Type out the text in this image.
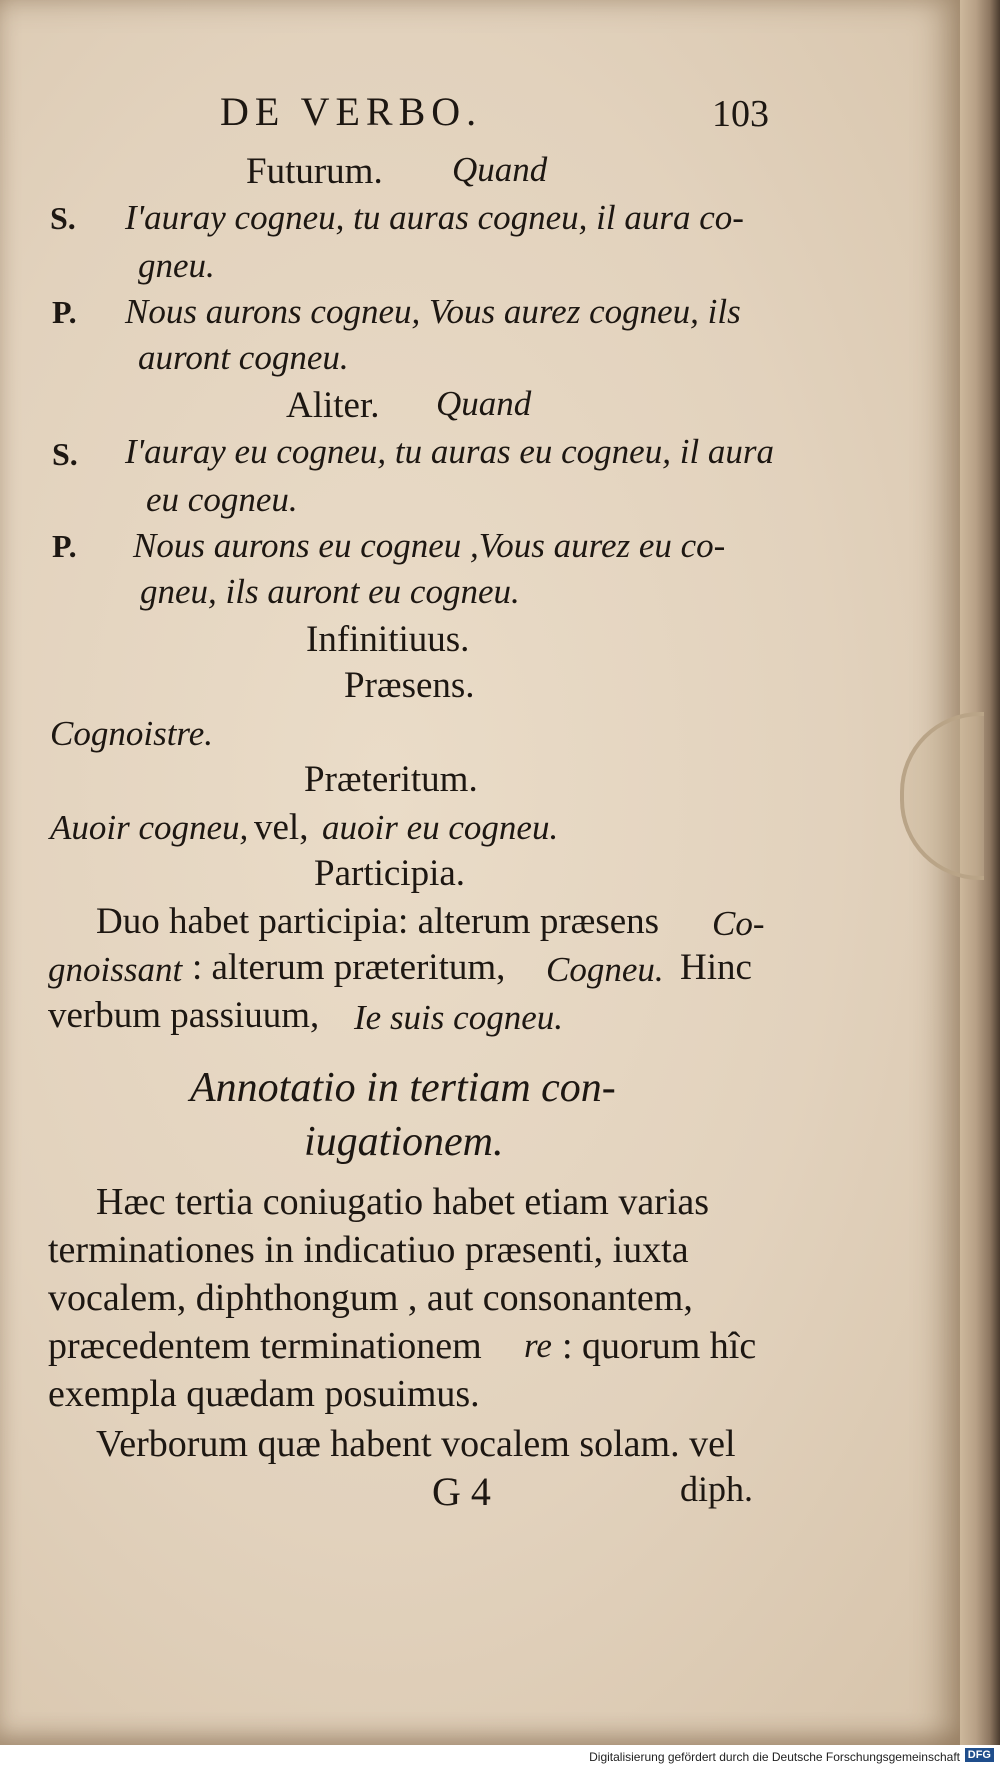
DE VERBO.	103
Futurum. Quand
S. I'auray cogneu, tu auras cogneu, il aura co-
gneu.
P. Nous aurons cogneu, Vous aurez cogneu, ils
auront cogneu.
Aliter. Quand
S. I'auray eu cogneu, tu auras eu cogneu, il aura
eu cogneu.
P. Nous aurons eu cogneu ,Vous aurez eu co-
gneu, ils auront eu cogneu.
Infinitiuus.
Præsens.
Cognoistre.
Præteritum.
Auoir cogneu, vel, auoir eu cogneu.
Participia.
Duo habet participia: alterum præsens Co-
gnoissant : alterum præteritum, Cogneu. Hinc
verbum passiuum, Ie suis cogneu.
Annotatio in tertiam con-
iugationem.
Hæc tertia coniugatio habet etiam varias
terminationes in indicatiuo præsenti, iuxta
vocalem, diphthongum , aut consonantem,
præcedentem terminationem re : quorum hîc
exempla quædam posuimus.
Verborum quæ habent vocalem solam. vel
G 4	diph.
Digitalisierung gefördert durch die Deutsche Forschungsgemeinschaft DFG
